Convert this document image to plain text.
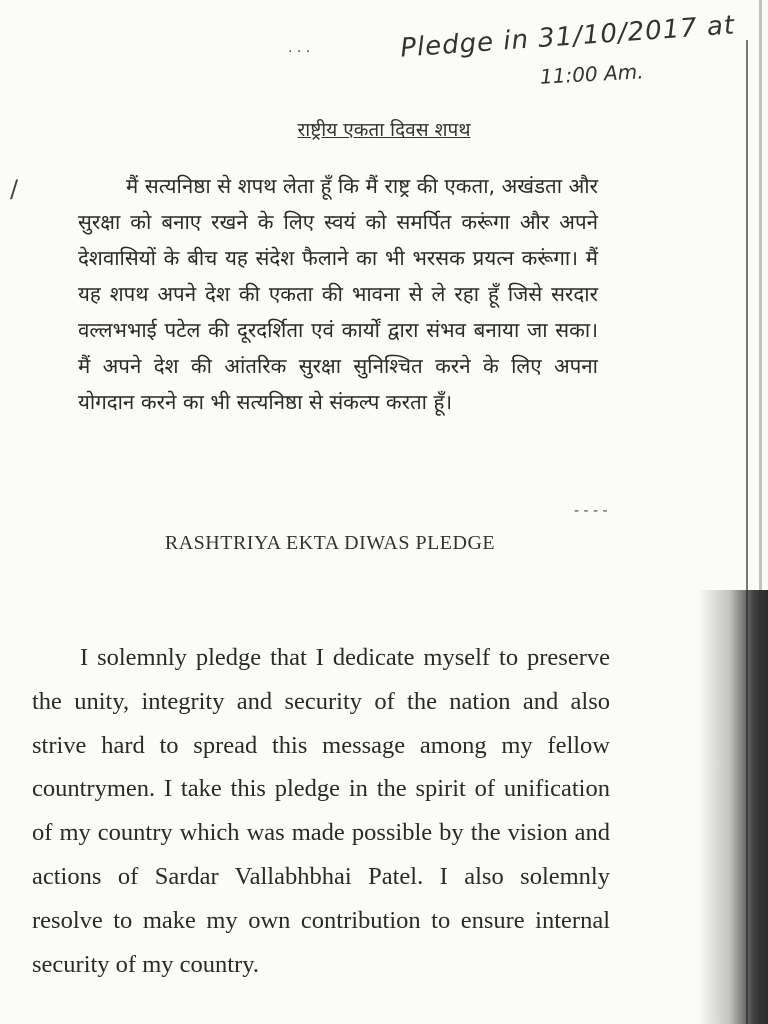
Pledge in 31/10/2017 at
11:00 Am.
· · ·
/
- - - -
राष्ट्रीय एकता दिवस शपथ
मैं सत्यनिष्ठा से शपथ लेता हूँ कि मैं राष्ट्र की एकता, अखंडता और सुरक्षा को बनाए रखने के लिए स्वयं को समर्पित करूंगा और अपने देशवासियों के बीच यह संदेश फैलाने का भी भरसक प्रयत्न करूंगा। मैं यह शपथ अपने देश की एकता की भावना से ले रहा हूँ जिसे सरदार वल्लभभाई पटेल की दूरदर्शिता एवं कार्यों द्वारा संभव बनाया जा सका। मैं अपने देश की आंतरिक सुरक्षा सुनिश्चित करने के लिए अपना योगदान करने का भी सत्यनिष्ठा से संकल्प करता हूँ।
RASHTRIYA EKTA DIWAS PLEDGE
I solemnly pledge that I dedicate myself to preserve the unity, integrity and security of the nation and also strive hard to spread this message among my fellow countrymen. I take this pledge in the spirit of unification of my country which was made possible by the vision and actions of Sardar Vallabhbhai Patel. I also solemnly resolve to make my own contribution to ensure internal security of my country.
